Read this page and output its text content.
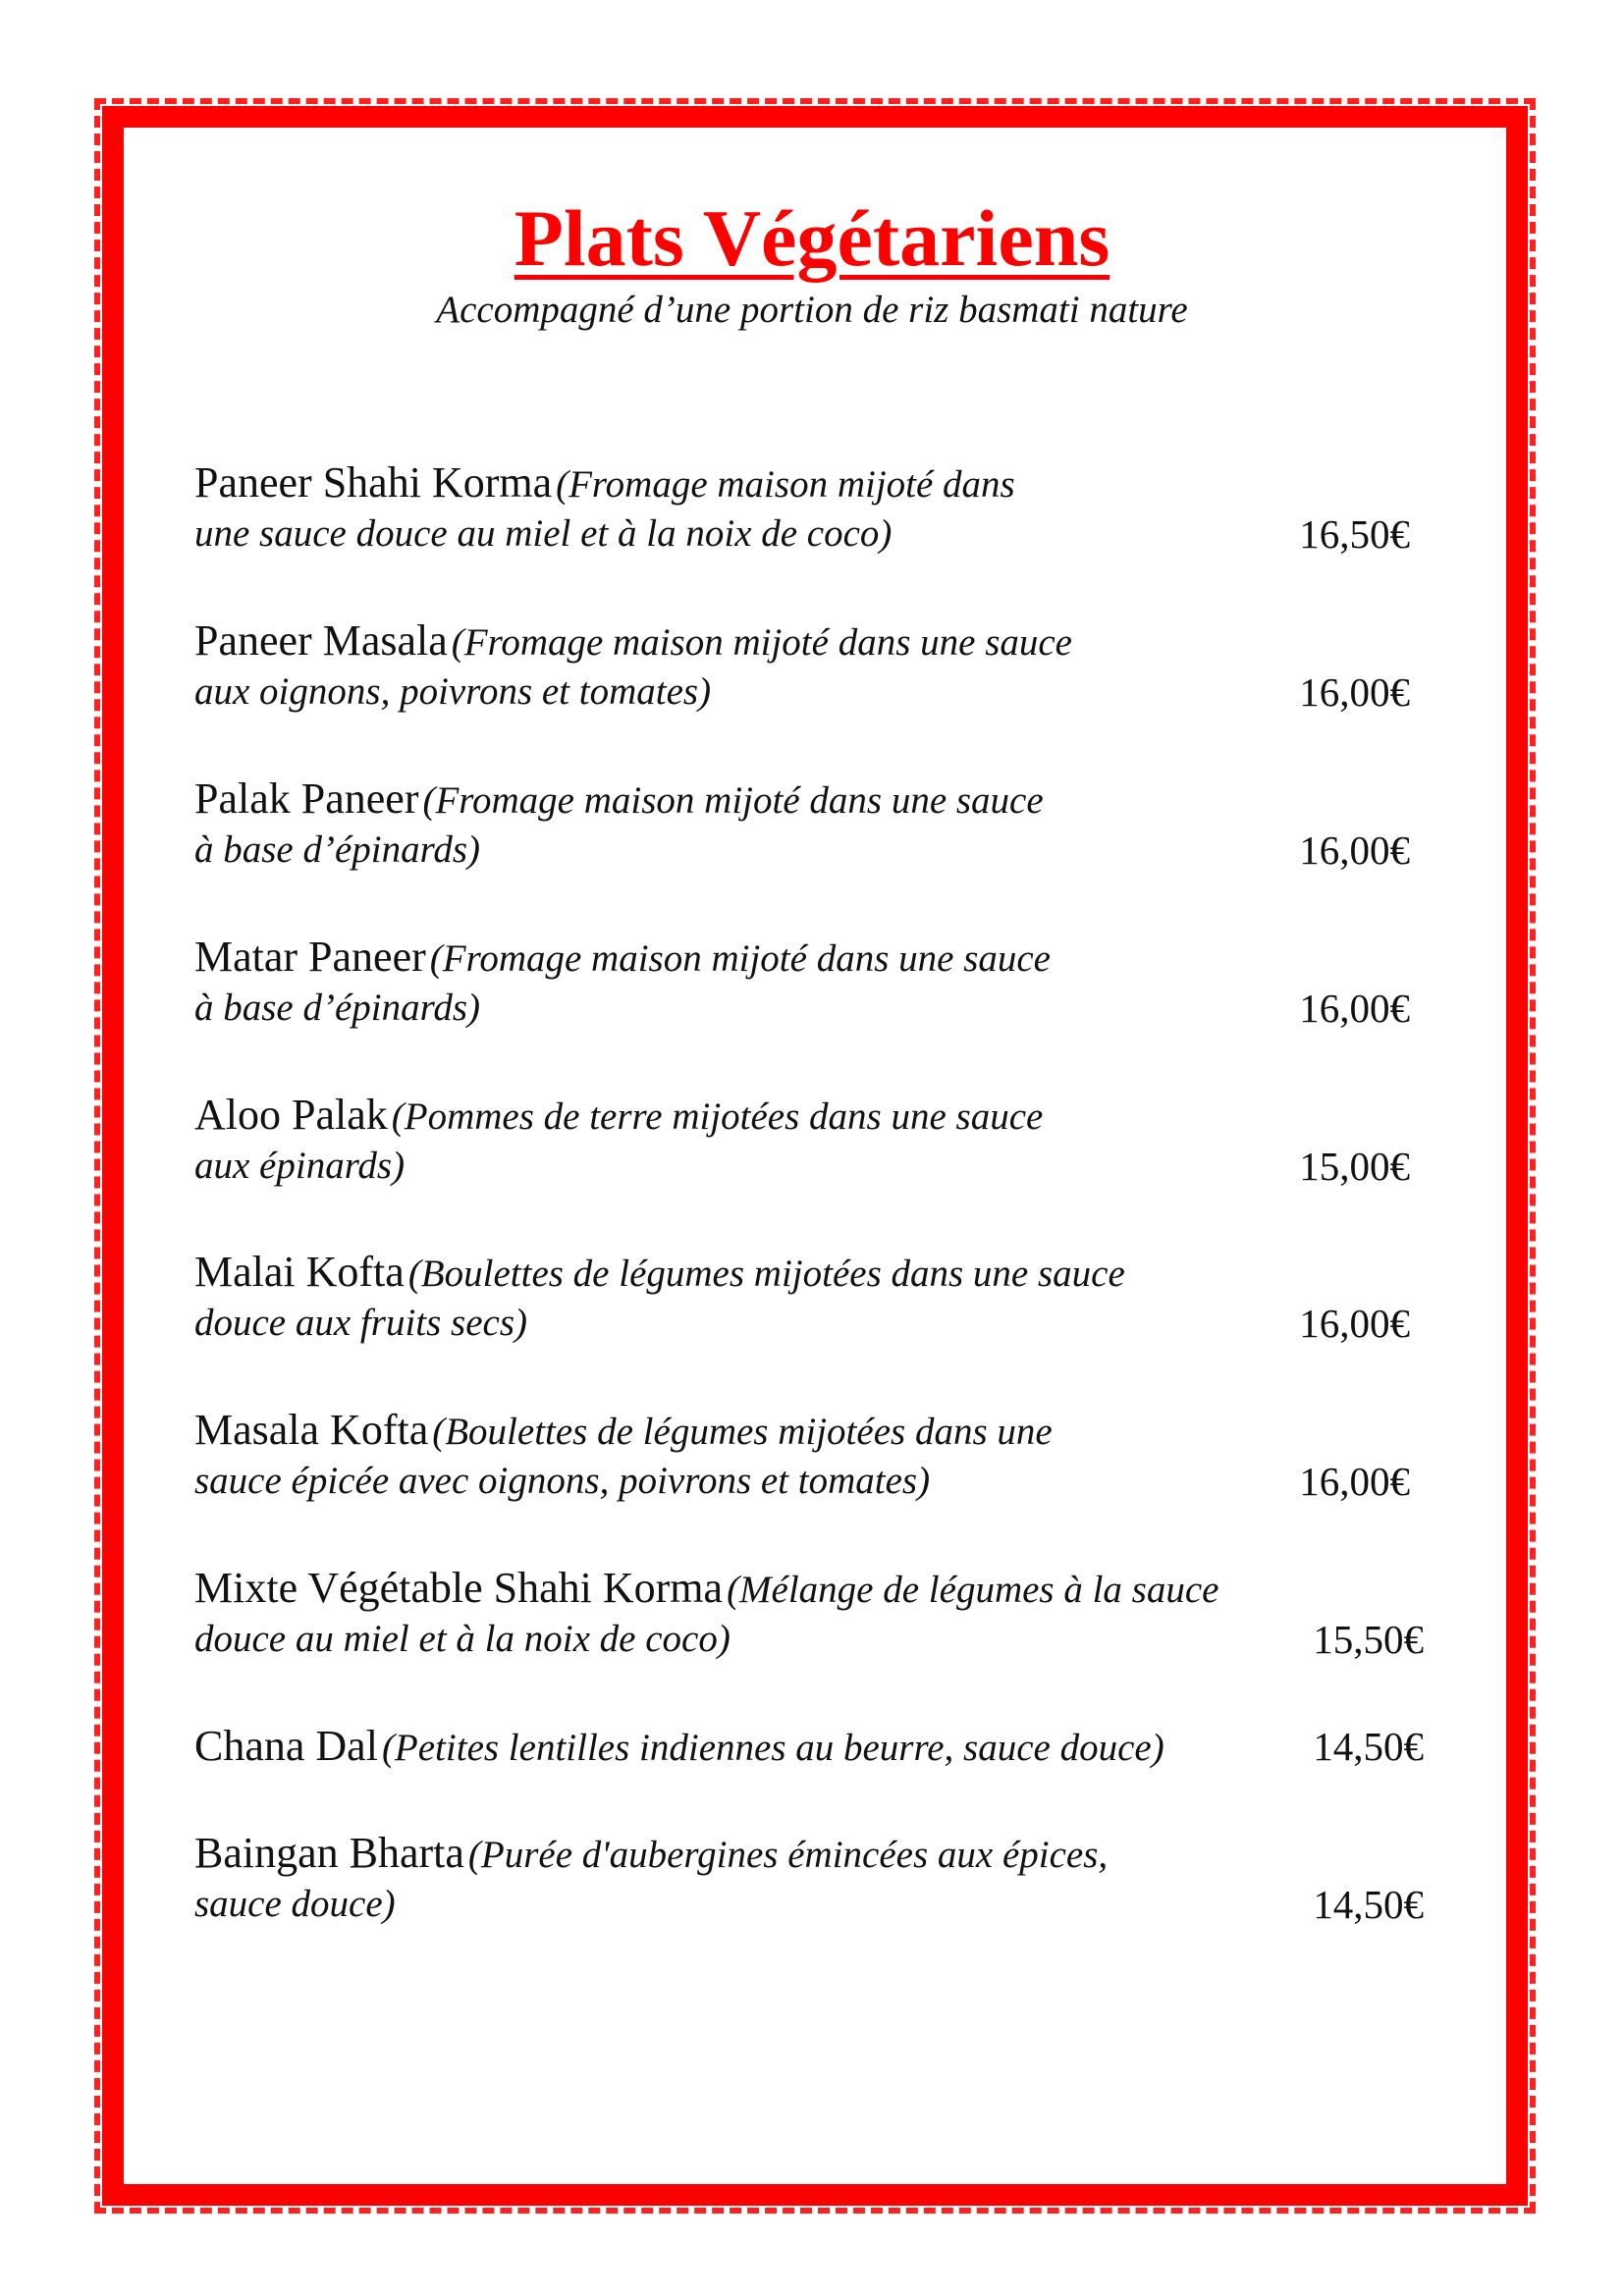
Plats Végétariens
Accompagné d’une portion de riz basmati nature
Paneer Shahi Korma (Fromage maison mijoté dans
une sauce douce au miel et à la noix de coco)	16,50€
Paneer Masala (Fromage maison mijoté dans une sauce
aux oignons, poivrons et tomates)	16,00€
Palak Paneer (Fromage maison mijoté dans une sauce
à base d’épinards)	16,00€
Matar Paneer (Fromage maison mijoté dans une sauce
à base d’épinards)	16,00€
Aloo Palak (Pommes de terre mijotées dans une sauce
aux épinards)	15,00€
Malai Kofta (Boulettes de légumes mijotées dans une sauce
douce aux fruits secs)	16,00€
Masala Kofta (Boulettes de légumes mijotées dans une
sauce épicée avec oignons, poivrons et tomates)	16,00€
Mixte Végétable Shahi Korma (Mélange de légumes à la sauce
douce au miel et à la noix de coco)	15,50€
Chana Dal (Petites lentilles indiennes au beurre, sauce douce)	14,50€
Baingan Bharta (Purée d'aubergines émincées aux épices,
sauce douce)	14,50€
